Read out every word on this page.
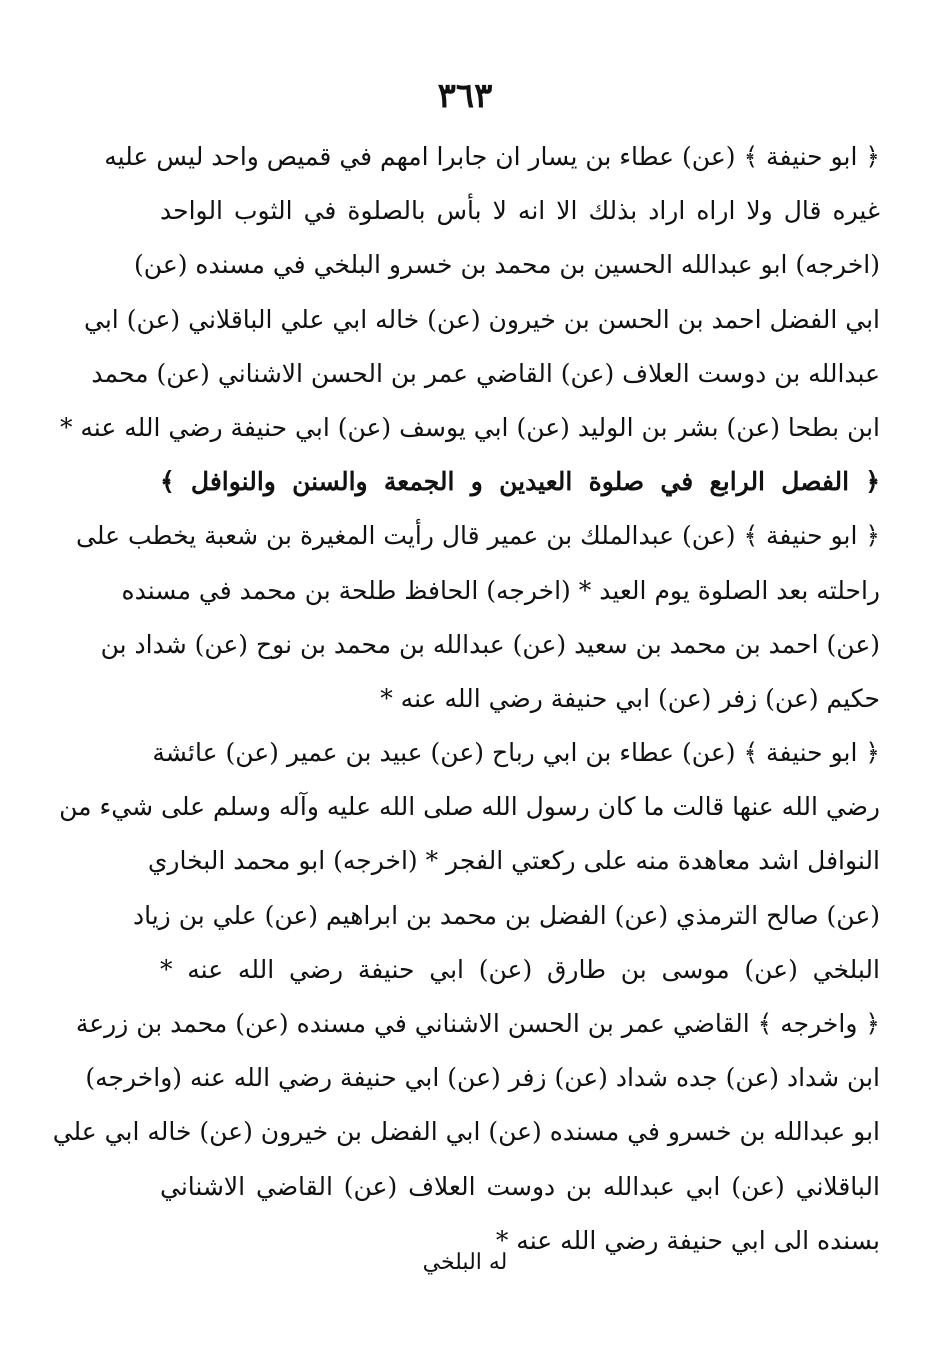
٣٦٣
﴿ ابو حنيفة ﴾ (عن) عطاء بن يسار ان جابرا امهم في قميص واحد ليس عليه
غيره قال ولا اراه اراد بذلك الا انه لا بأس بالصلوة في الثوب الواحد
(اخرجه) ابو عبدالله الحسين بن محمد بن خسرو البلخي في مسنده (عن)
ابي الفضل احمد بن الحسن بن خيرون (عن) خاله ابي علي الباقلاني (عن) ابي
عبدالله بن دوست العلاف (عن) القاضي عمر بن الحسن الاشناني (عن) محمد
ابن بطحا (عن) بشر بن الوليد (عن) ابي يوسف (عن) ابي حنيفة رضي الله عنه *
﴿ الفصل الرابع في صلوة العيدين و الجمعة والسنن والنوافل ﴾
﴿ ابو حنيفة ﴾ (عن) عبدالملك بن عمير قال رأيت المغيرة بن شعبة يخطب على
راحلته بعد الصلوة يوم العيد * (اخرجه) الحافظ طلحة بن محمد في مسنده
(عن) احمد بن محمد بن سعيد (عن) عبدالله بن محمد بن نوح (عن) شداد بن
حكيم (عن) زفر (عن) ابي حنيفة رضي الله عنه *
﴿ ابو حنيفة ﴾ (عن) عطاء بن ابي رباح (عن) عبيد بن عمير (عن) عائشة
رضي الله عنها قالت ما كان رسول الله صلى الله عليه وآله وسلم على شيء من
النوافل اشد معاهدة منه على ركعتي الفجر * (اخرجه) ابو محمد البخاري
(عن) صالح الترمذي (عن) الفضل بن محمد بن ابراهيم (عن) علي بن زياد
البلخي (عن) موسى بن طارق (عن) ابي حنيفة رضي الله عنه *
﴿ واخرجه ﴾ القاضي عمر بن الحسن الاشناني في مسنده (عن) محمد بن زرعة
ابن شداد (عن) جده شداد (عن) زفر (عن) ابي حنيفة رضي الله عنه (واخرجه)
ابو عبدالله بن خسرو في مسنده (عن) ابي الفضل بن خيرون (عن) خاله ابي علي
الباقلاني (عن) ابي عبدالله بن دوست العلاف (عن) القاضي الاشناني
بسنده الى ابي حنيفة رضي الله عنه *
له البلخي
